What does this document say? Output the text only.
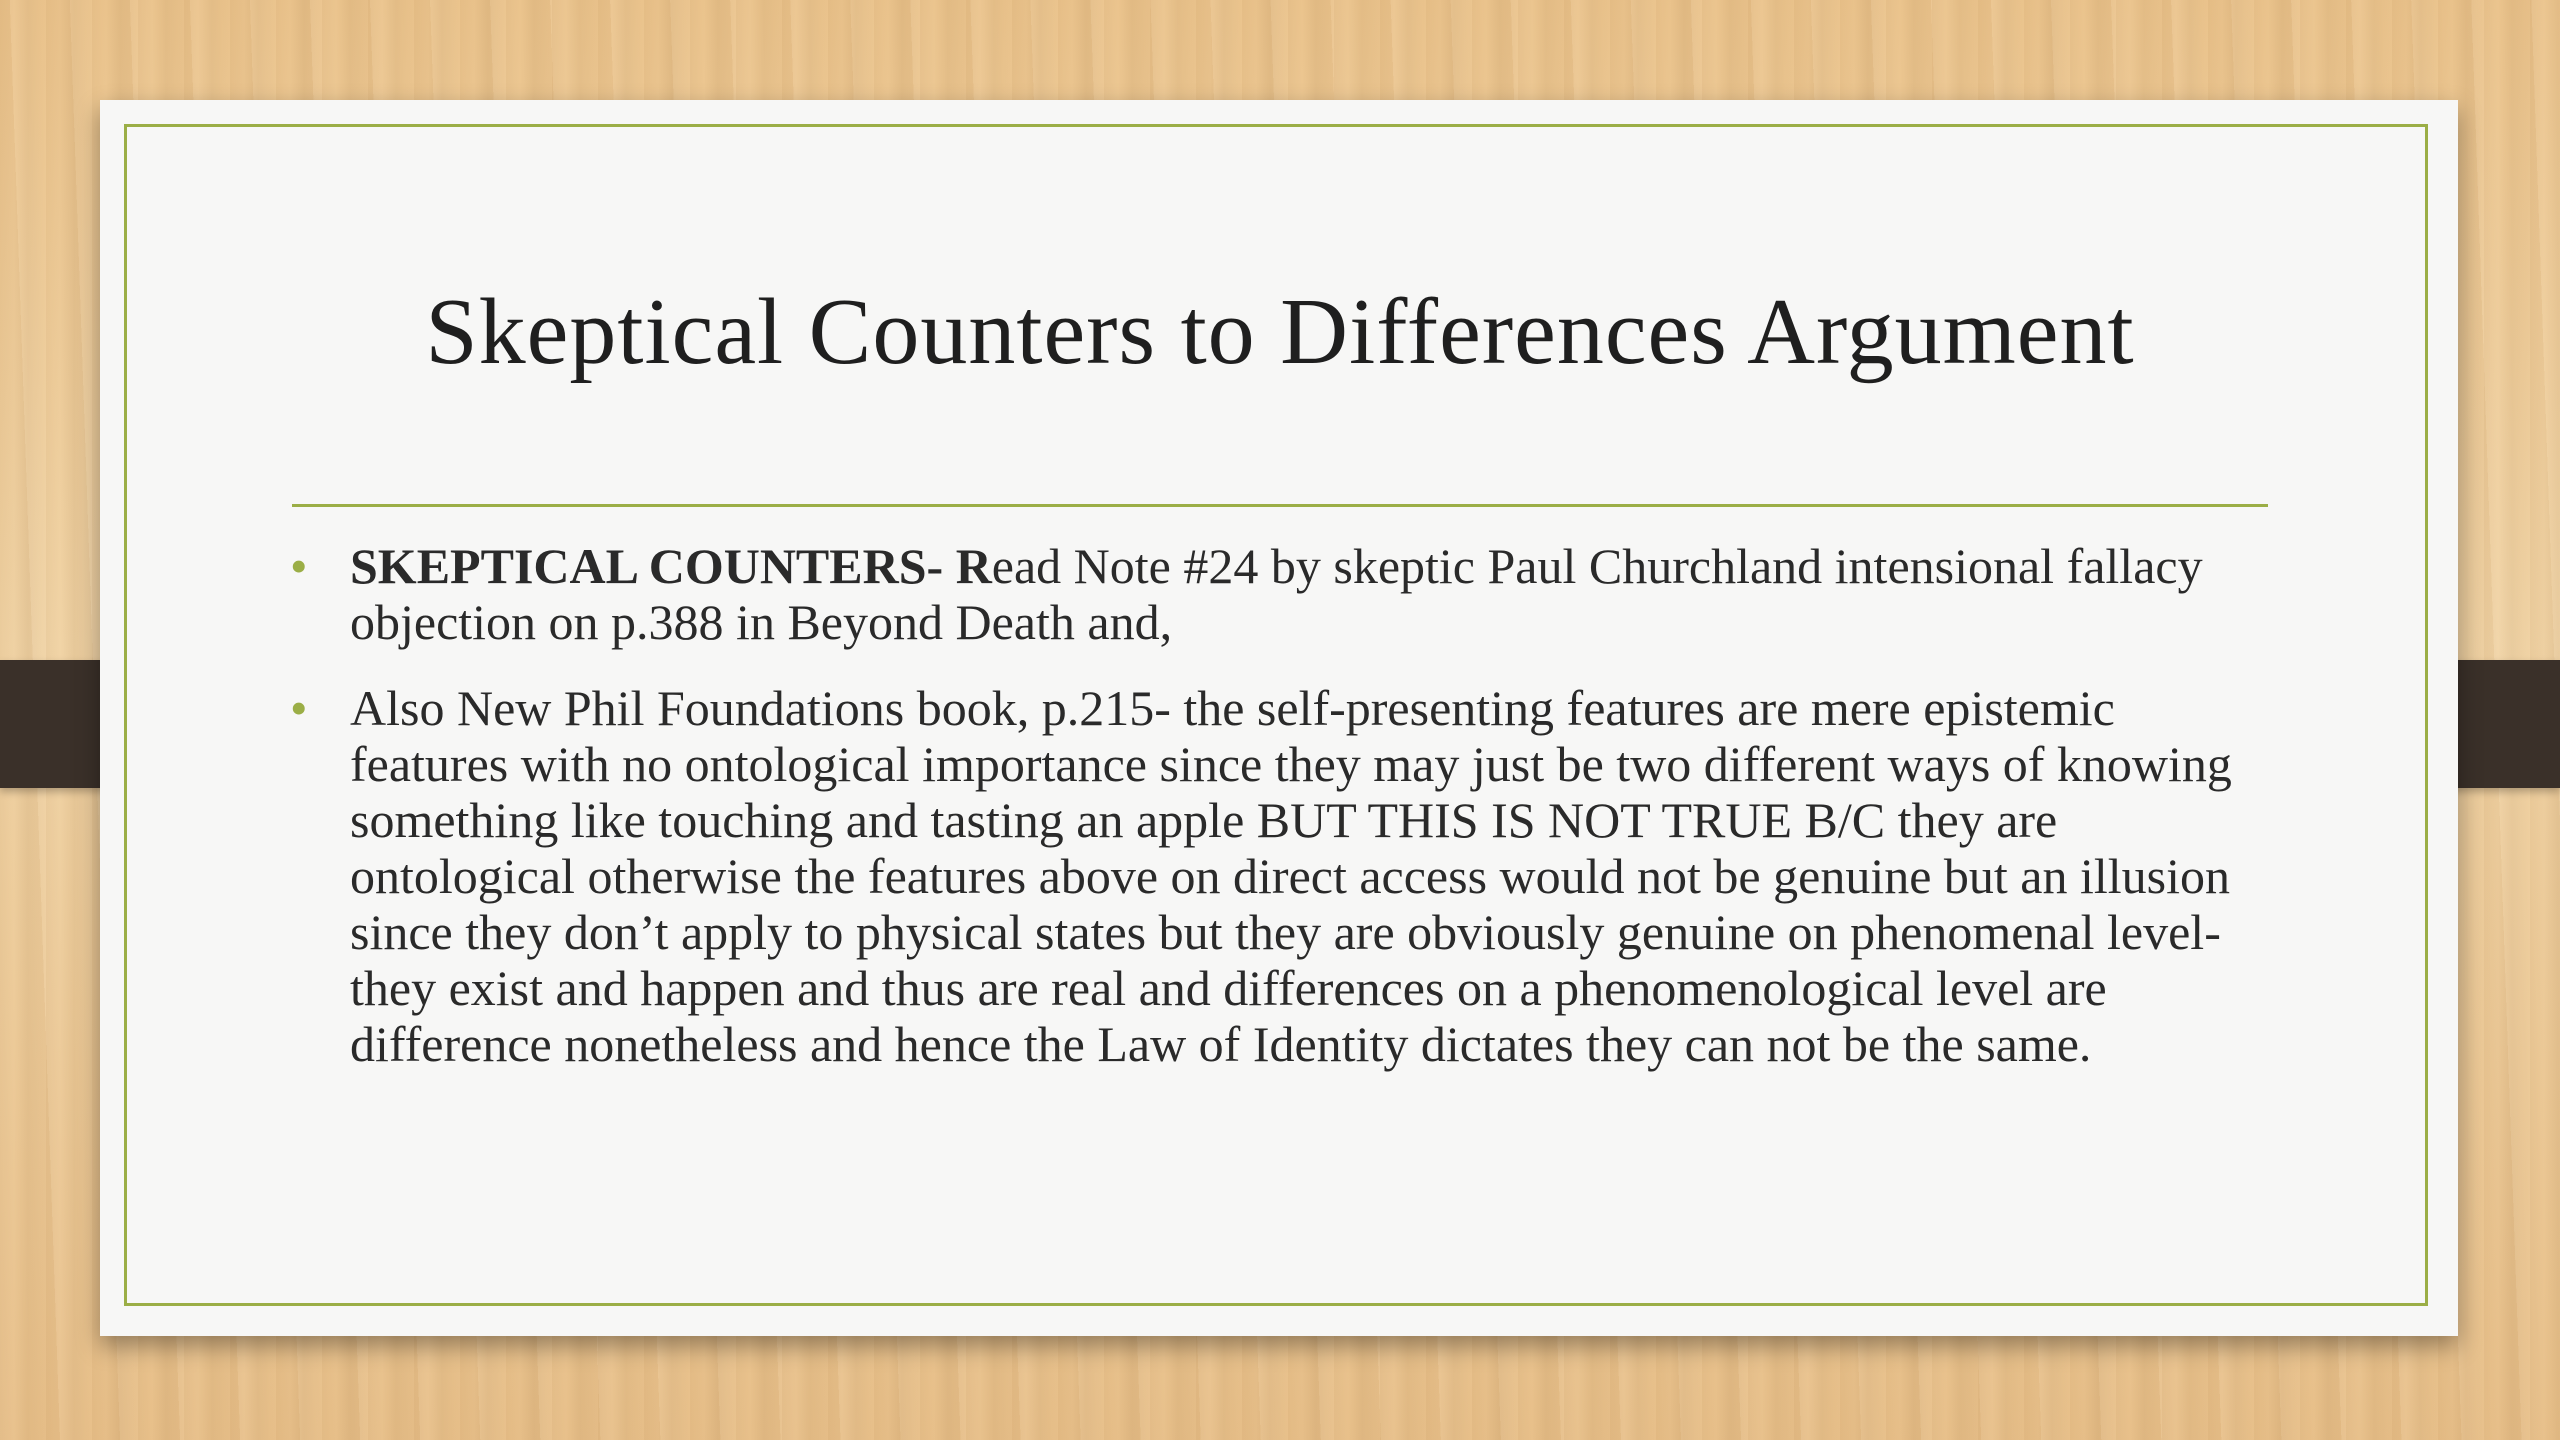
Skeptical Counters to Differences Argument
• SKEPTICAL COUNTERS- Read Note #24 by skeptic Paul Churchland intensional fallacy objection on p.388 in Beyond Death and,
• Also New Phil Foundations book, p.215- the self-presenting features are mere epistemic features with no ontological importance since they may just be two different ways of knowing something like touching and tasting an apple BUT THIS IS NOT TRUE B/C they are ontological otherwise the features above on direct access would not be genuine but an illusion since they don’t apply to physical states but they are obviously genuine on phenomenal level- they exist and happen and thus are real and differences on a phenomenological level are difference nonetheless and hence the Law of Identity dictates they can not be the same.
